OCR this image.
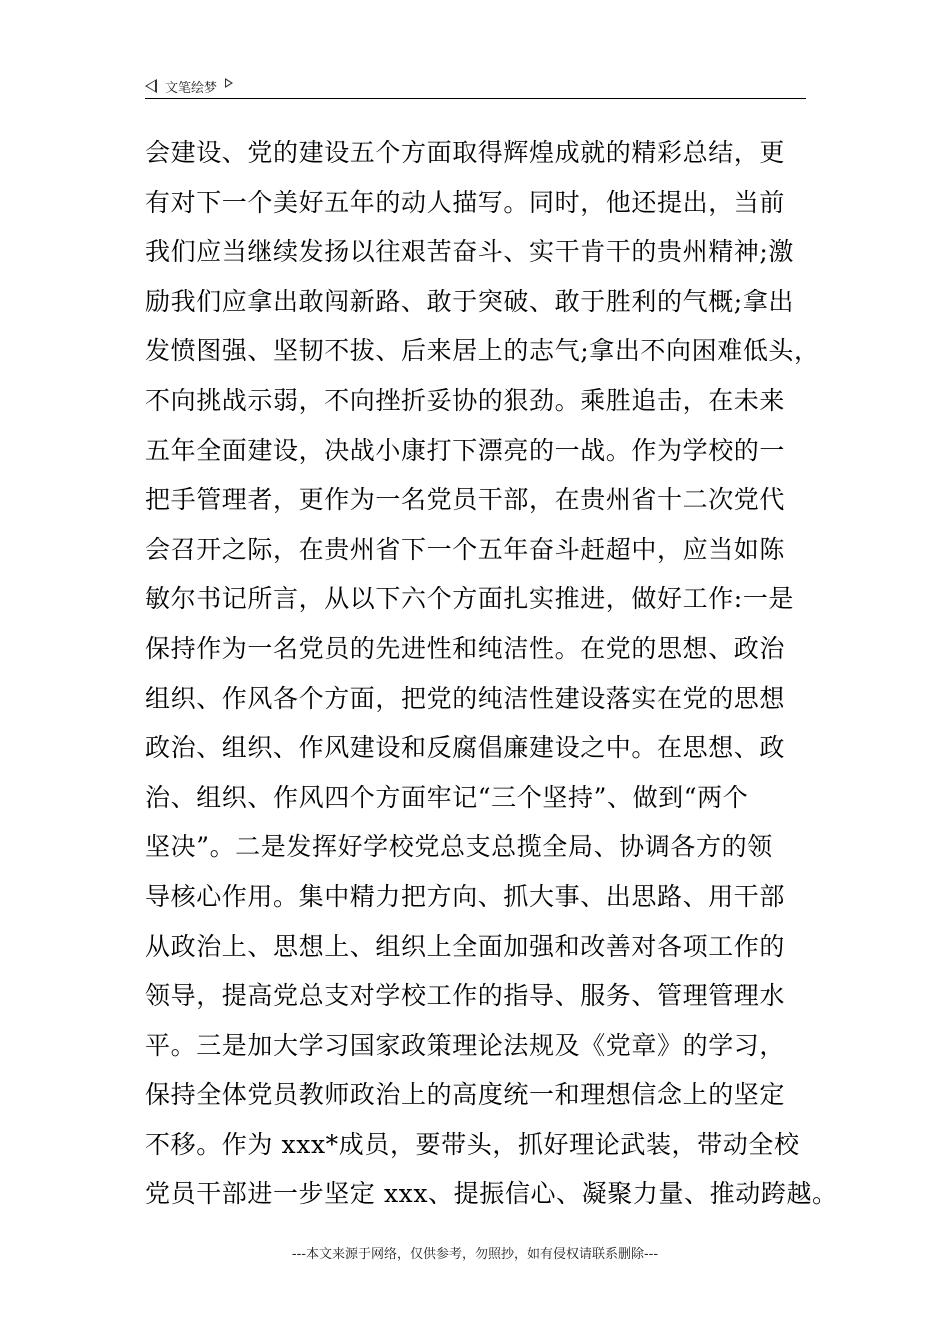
文笔绘梦
会建设、党的建设五个方面取得辉煌成就的精彩总结，更
有对下一个美好五年的动人描写。同时，他还提出，当前
我们应当继续发扬以往艰苦奋斗、实干肯干的贵州精神;激
励我们应拿出敢闯新路、敢于突破、敢于胜利的气概;拿出
发愤图强、坚韧不拔、后来居上的志气;拿出不向困难低头，
不向挑战示弱，不向挫折妥协的狠劲。乘胜追击，在未来
五年全面建设，决战小康打下漂亮的一战。作为学校的一
把手管理者，更作为一名党员干部，在贵州省十二次党代
会召开之际，在贵州省下一个五年奋斗赶超中，应当如陈
敏尔书记所言，从以下六个方面扎实推进，做好工作:一是
保持作为一名党员的先进性和纯洁性。在党的思想、政治
组织、作风各个方面，把党的纯洁性建设落实在党的思想
政治、组织、作风建设和反腐倡廉建设之中。在思想、政
治、组织、作风四个方面牢记“三个坚持”、做到“两个
坚决”。二是发挥好学校党总支总揽全局、协调各方的领
导核心作用。集中精力把方向、抓大事、出思路、用干部
从政治上、思想上、组织上全面加强和改善对各项工作的
领导，提高党总支对学校工作的指导、服务、管理管理水
平。三是加大学习国家政策理论法规及《党章》的学习，
保持全体党员教师政治上的高度统一和理想信念上的坚定
不移。作为 xxx*成员，要带头，抓好理论武装，带动全校
党员干部进一步坚定 xxx、提振信心、凝聚力量、推动跨越。
---本文来源于网络，仅供参考，勿照抄，如有侵权请联系删除---
